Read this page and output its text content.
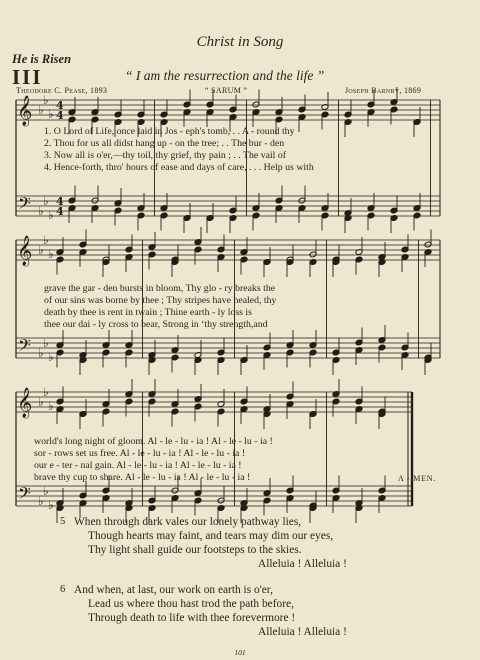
Christ in Song
He is Risen
III	“ I am the resurrection and the life ”
Theodore C. Pease, 1893	“ SARUM ”	Joseph Barnby, 1869
𝄞
𝄢
♭
♭
♭
♭
♭
♭
4
4
4
4
𝄞
𝄢
♭
♭
♭
♭
♭
♭
𝄞
𝄢
♭
♭
♭
♭
♭
♭
1. O Lord of Life, once laid in Jos - eph's tomb, . . A - round thy
2. Thou for us all didst hang up - on the tree; . . The bur - den
3. Now all is o'er,—thy toil, thy grief, thy pain ; . . The vail of
4. Hence-forth, thro' hours of ease and days of care, . . . Help us with
grave the gar - den bursts in bloom, Thy glo - ry breaks the
of our sins was borne by thee ; Thy stripes have healed, thy
death by thee is rent in twain ; Thine earth - ly loss is
thee our dai - ly cross to bear, Strong in ʻthy strength,and
world's long night of gloom. Al - le - lu - ia ! Al - le - lu - ia !
sor - rows set us free. Al - le - lu - ia ! Al - le - lu - ia !
our e - ter - nal gain. Al - le - lu - ia ! Al - le - lu - ia !
brave thy cup to share. Al - le - lu - ia ! Al - le - lu - ia !	A - MEN.
5 When through dark vales our lonely pathway lies,
Though hearts may faint, and tears may dim our eyes,
Thy light shall guide our footsteps to the skies.
Alleluia ! Alleluia !
6 And when, at last, our work on earth is o'er,
Lead us where thou hast trod the path before,
Through death to life with thee forevermore !
Alleluia ! Alleluia !
101
